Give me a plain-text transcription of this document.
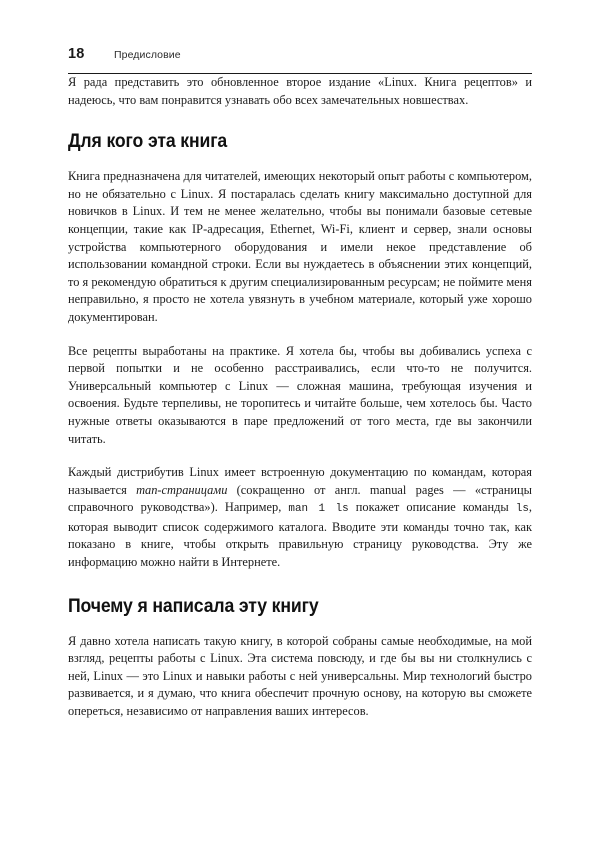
18	Предисловие

Я рада представить это обновленное второе издание «Linux. Книга рецептов» и надеюсь, что вам понравится узнавать обо всех замечательных новшествах.

Для кого эта книга

Книга предназначена для читателей, имеющих некоторый опыт работы с компьютером, но не обязательно с Linux. Я постаралась сделать книгу максимально доступной для новичков в Linux. И тем не менее желательно, чтобы вы понимали базовые сетевые концепции, такие как IP-адресация, Ethernet, Wi-Fi, клиент и сервер, знали основы устройства компьютерного оборудования и имели некое представление об использовании командной строки. Если вы нуждаетесь в объяснении этих концепций, то я рекомендую обратиться к другим специализированным ресурсам; не поймите меня неправильно, я просто не хотела увязнуть в учебном материале, который уже хорошо документирован.

Все рецепты выработаны на практике. Я хотела бы, чтобы вы добивались успеха с первой попытки и не особенно расстраивались, если что-то не получится. Универсальный компьютер с Linux — сложная машина, требующая изучения и освоения. Будьте терпеливы, не торопитесь и читайте больше, чем хотелось бы. Часто нужные ответы оказываются в паре предложений от того места, где вы закончили читать.

Каждый дистрибутив Linux имеет встроенную документацию по командам, которая называется man-страницами (сокращенно от англ. manual pages — «страницы справочного руководства»). Например, man 1 ls покажет описание команды ls, которая выводит список содержимого каталога. Вводите эти команды точно так, как показано в книге, чтобы открыть правильную страницу руководства. Эту же информацию можно найти в Интернете.

Почему я написала эту книгу

Я давно хотела написать такую книгу, в которой собраны самые необходимые, на мой взгляд, рецепты работы с Linux. Эта система повсюду, и где бы вы ни столкнулись с ней, Linux — это Linux и навыки работы с ней универсальны. Мир технологий быстро развивается, и я думаю, что книга обеспечит прочную основу, на которую вы сможете опереться, независимо от направления ваших интересов.
